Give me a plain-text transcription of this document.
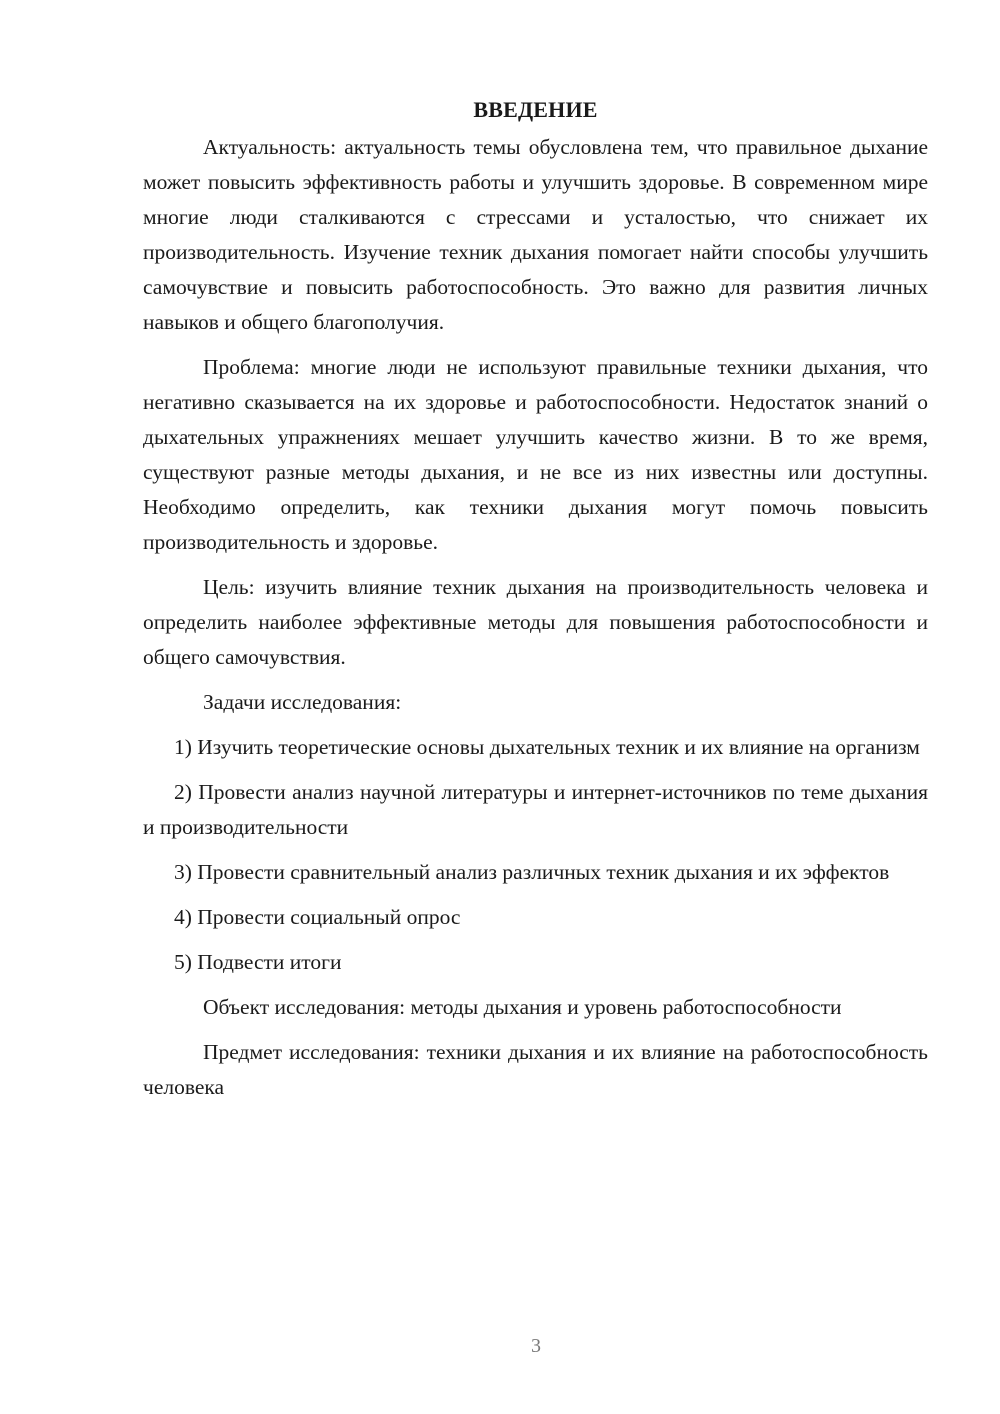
ВВЕДЕНИЕ

Актуальность: актуальность темы обусловлена тем, что правильное дыхание может повысить эффективность работы и улучшить здоровье. В современном мире многие люди сталкиваются с стрессами и усталостью, что снижает их производительность. Изучение техник дыхания помогает найти способы улучшить самочувствие и повысить работоспособность. Это важно для развития личных навыков и общего благополучия.

Проблема: многие люди не используют правильные техники дыхания, что негативно сказывается на их здоровье и работоспособности. Недостаток знаний о дыхательных упражнениях мешает улучшить качество жизни. В то же время, существуют разные методы дыхания, и не все из них известны или доступны. Необходимо определить, как техники дыхания могут помочь повысить производительность и здоровье.

Цель: изучить влияние техник дыхания на производительность человека и определить наиболее эффективные методы для повышения работоспособности и общего самочувствия.

Задачи исследования:

1) Изучить теоретические основы дыхательных техник и их влияние на организм

2) Провести анализ научной литературы и интернет-источников по теме дыхания и производительности

3) Провести сравнительный анализ различных техник дыхания и их эффектов

4) Провести социальный опрос

5) Подвести итоги

Объект исследования: методы дыхания и уровень работоспособности

Предмет исследования: техники дыхания и их влияние на работоспособность человека

3
